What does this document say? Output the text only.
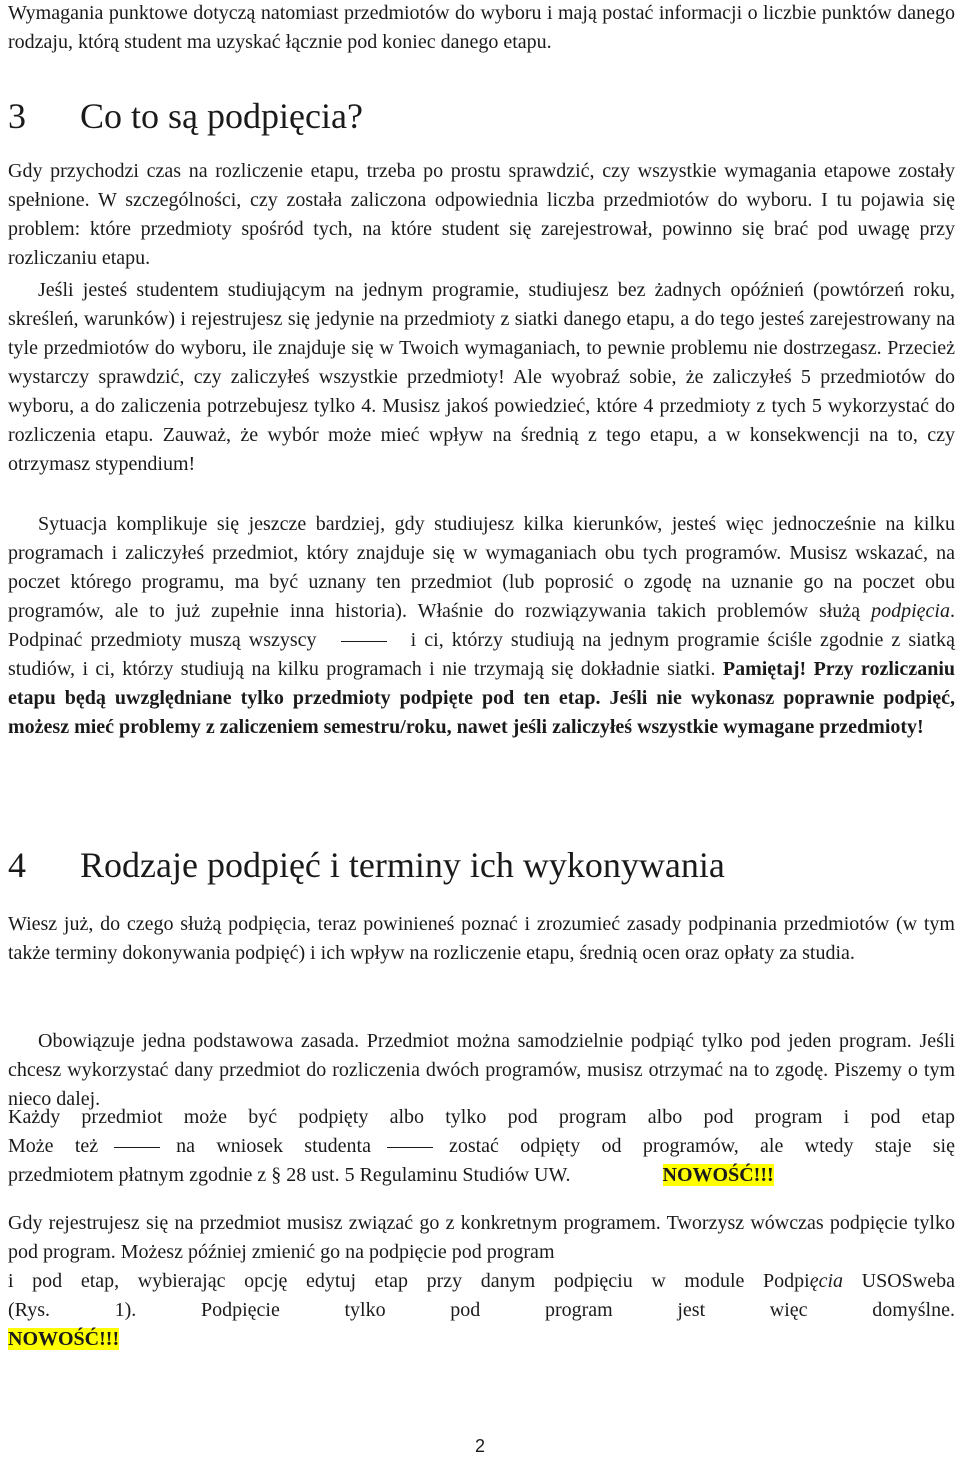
Wymagania punktowe dotyczą natomiast przedmiotów do wyboru i mają postać informacji o liczbie punktów danego rodzaju, którą student ma uzyskać łącznie pod koniec danego etapu.

3 Co to są podpięcia?

Gdy przychodzi czas na rozliczenie etapu, trzeba po prostu sprawdzić, czy wszystkie wymagania etapowe zostały spełnione. W szczególności, czy została zaliczona odpowiednia liczba przedmiotów do wyboru. I tu pojawia się problem: które przedmioty spośród tych, na które student się zarejestrował, powinno się brać pod uwagę przy rozliczaniu etapu.

Jeśli jesteś studentem studiującym na jednym programie, studiujesz bez żadnych opóźnień (powtórzeń roku, skreśleń, warunków) i rejestrujesz się jedynie na przedmioty z siatki danego etapu, a do tego jesteś zarejestrowany na tyle przedmiotów do wyboru, ile znajduje się w Twoich wymaganiach, to pewnie problemu nie dostrzegasz. Przecież wystarczy sprawdzić, czy zaliczyłeś wszystkie przedmioty! Ale wyobraź sobie, że zaliczyłeś 5 przedmiotów do wyboru, a do zaliczenia potrzebujesz tylko 4. Musisz jakoś powiedzieć, które 4 przedmioty z tych 5 wykorzystać do rozliczenia etapu. Zauważ, że wybór może mieć wpływ na średnią z tego etapu, a w konsekwencji na to, czy otrzymasz stypendium!

Sytuacja komplikuje się jeszcze bardziej, gdy studiujesz kilka kierunków, jesteś więc jednocześnie na kilku programach i zaliczyłeś przedmiot, który znajduje się w wymaganiach obu tych programów. Musisz wskazać, na poczet którego programu, ma być uznany ten przedmiot (lub poprosić o zgodę na uznanie go na poczet obu programów, ale to już zupełnie inna historia). Właśnie do rozwiązywania takich problemów służą podpięcia. Podpinać przedmioty muszą wszyscy	i ci, którzy studiują na jednym programie ściśle zgodnie z siatką studiów, i ci, którzy studiują na kilku programach i nie trzymają się dokładnie siatki. Pamiętaj! Przy rozliczaniu etapu będą uwzględniane tylko przedmioty podpięte pod ten etap. Jeśli nie wykonasz poprawnie podpięć, możesz mieć problemy z zaliczeniem semestru/roku, nawet jeśli zaliczyłeś wszystkie wymagane przedmioty!

4 Rodzaje podpięć i terminy ich wykonywania

Wiesz już, do czego służą podpięcia, teraz powinieneś poznać i zrozumieć zasady podpinania przedmiotów (w tym także terminy dokonywania podpięć) i ich wpływ na rozliczenie etapu, średnią ocen oraz opłaty za studia.

Obowiązuje jedna podstawowa zasada. Przedmiot można samodzielnie podpiąć tylko pod jeden program. Jeśli chcesz wykorzystać dany przedmiot do rozliczenia dwóch programów, musisz otrzymać na to zgodę. Piszemy o tym nieco dalej.

Każdy przedmiot może być podpięty albo tylko pod program albo pod program i pod etap

Może też	na wniosek studenta	zostać odpięty od programów, ale wtedy staje się

przedmiotem płatnym zgodnie z § 28 ust. 5 Regulaminu Studiów UW.	NOWOŚĆ!!!

Gdy rejestrujesz się na przedmiot musisz związać go z konkretnym programem. Tworzysz wówczas podpięcie tylko pod program. Możesz później zmienić go na podpięcie pod program

i pod etap, wybierając opcję edytuj etap przy danym podpięciu w module Podpięcia USOSweba

(Rys. 1). Podpięcie tylko pod program jest więc domyślne.

NOWOŚĆ!!!

2
